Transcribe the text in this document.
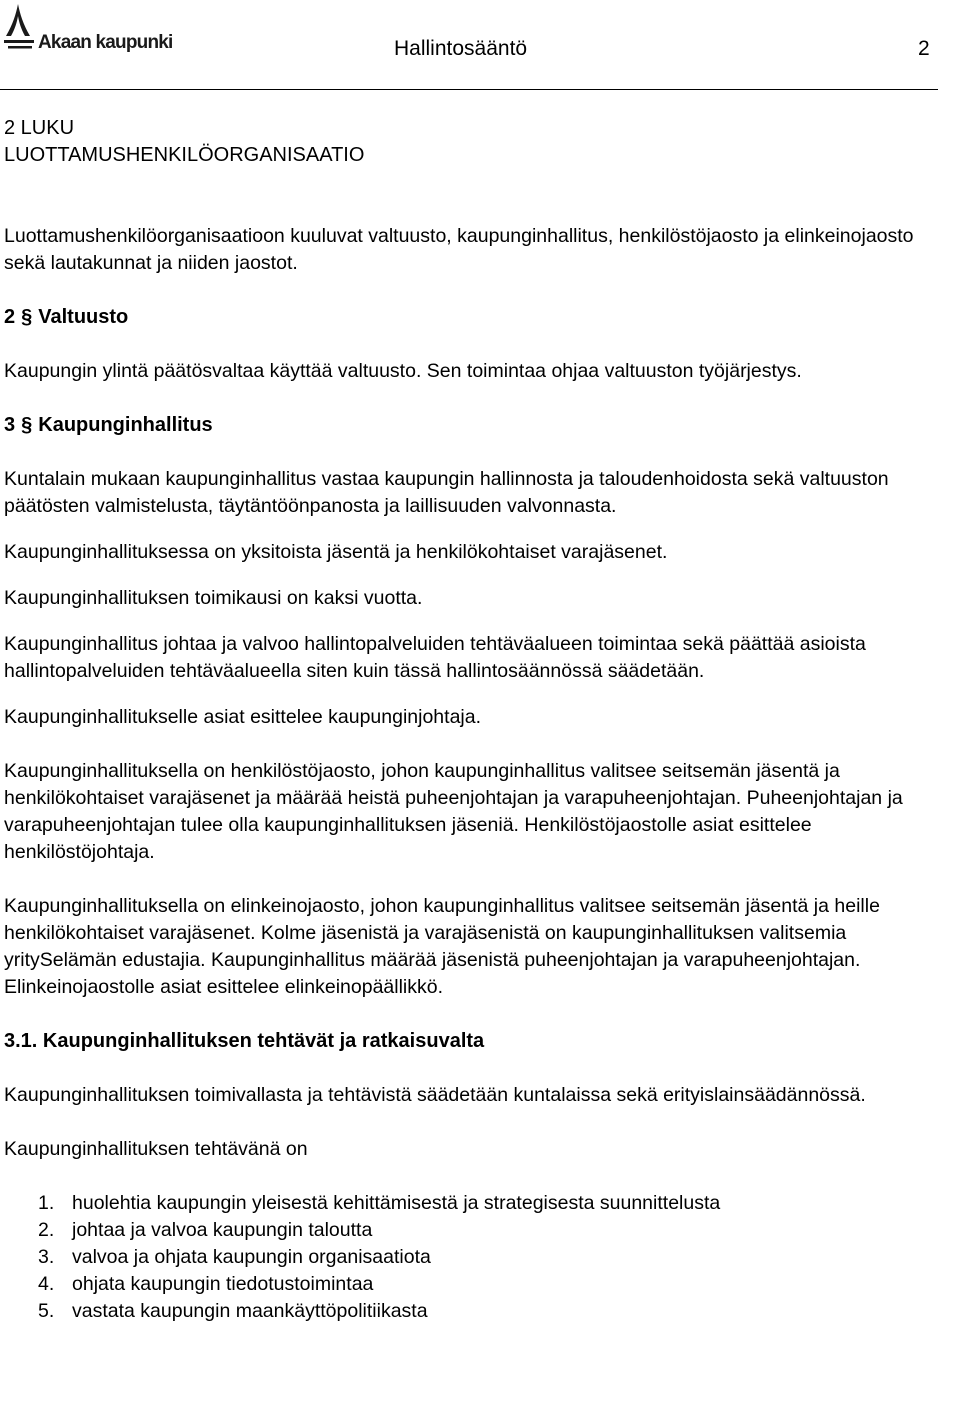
Akaan kaupunki	Hallintosääntö	2
2 LUKU
LUOTTAMUSHENKILÖORGANISAATIO

Luottamushenkilöorganisaatioon kuuluvat valtuusto, kaupunginhallitus, henkilöstöjaosto ja elinkeinojaosto sekä lautakunnat ja niiden jaostot.

2 § Valtuusto

Kaupungin ylintä päätösvaltaa käyttää valtuusto. Sen toimintaa ohjaa valtuuston työjärjestys.

3 § Kaupunginhallitus

Kuntalain mukaan kaupunginhallitus vastaa kaupungin hallinnosta ja taloudenhoidosta sekä valtuuston päätösten valmistelusta, täytäntöönpanosta ja laillisuuden valvonnasta.

Kaupunginhallituksessa on yksitoista jäsentä ja henkilökohtaiset varajäsenet.

Kaupunginhallituksen toimikausi on kaksi vuotta.

Kaupunginhallitus johtaa ja valvoo hallintopalveluiden tehtäväalueen toimintaa sekä päättää asioista hallintopalveluiden tehtäväalueella siten kuin tässä hallintosäännössä säädetään.

Kaupunginhallitukselle asiat esittelee kaupunginjohtaja.

Kaupunginhallituksella on henkilöstöjaosto, johon kaupunginhallitus valitsee seitsemän jäsentä ja henkilökohtaiset varajäsenet ja määrää heistä puheenjohtajan ja varapuheenjohtajan. Puheenjohtajan ja varapuheenjohtajan tulee olla kaupunginhallituksen jäseniä. Henkilöstöjaostolle asiat esittelee henkilöstöjohtaja.

Kaupunginhallituksella on elinkeinojaosto, johon kaupunginhallitus valitsee seitsemän jäsentä ja heille henkilökohtaiset varajäsenet. Kolme jäsenistä ja varajäsenistä on kaupunginhallituksen valitsemia yritySelämän edustajia. Kaupunginhallitus määrää jäsenistä puheenjohtajan ja varapuheenjohtajan. Elinkeinojaostolle asiat esittelee elinkeinopäällikkö.

3.1. Kaupunginhallituksen tehtävät ja ratkaisuvalta

Kaupunginhallituksen toimivallasta ja tehtävistä säädetään kuntalaissa sekä erityislainsäädännössä.

Kaupunginhallituksen tehtävänä on

1. huolehtia kaupungin yleisestä kehittämisestä ja strategisesta suunnittelusta
2. johtaa ja valvoa kaupungin taloutta
3. valvoa ja ohjata kaupungin organisaatiota
4. ohjata kaupungin tiedotustoimintaa
5. vastata kaupungin maankäyttöpolitiikasta
